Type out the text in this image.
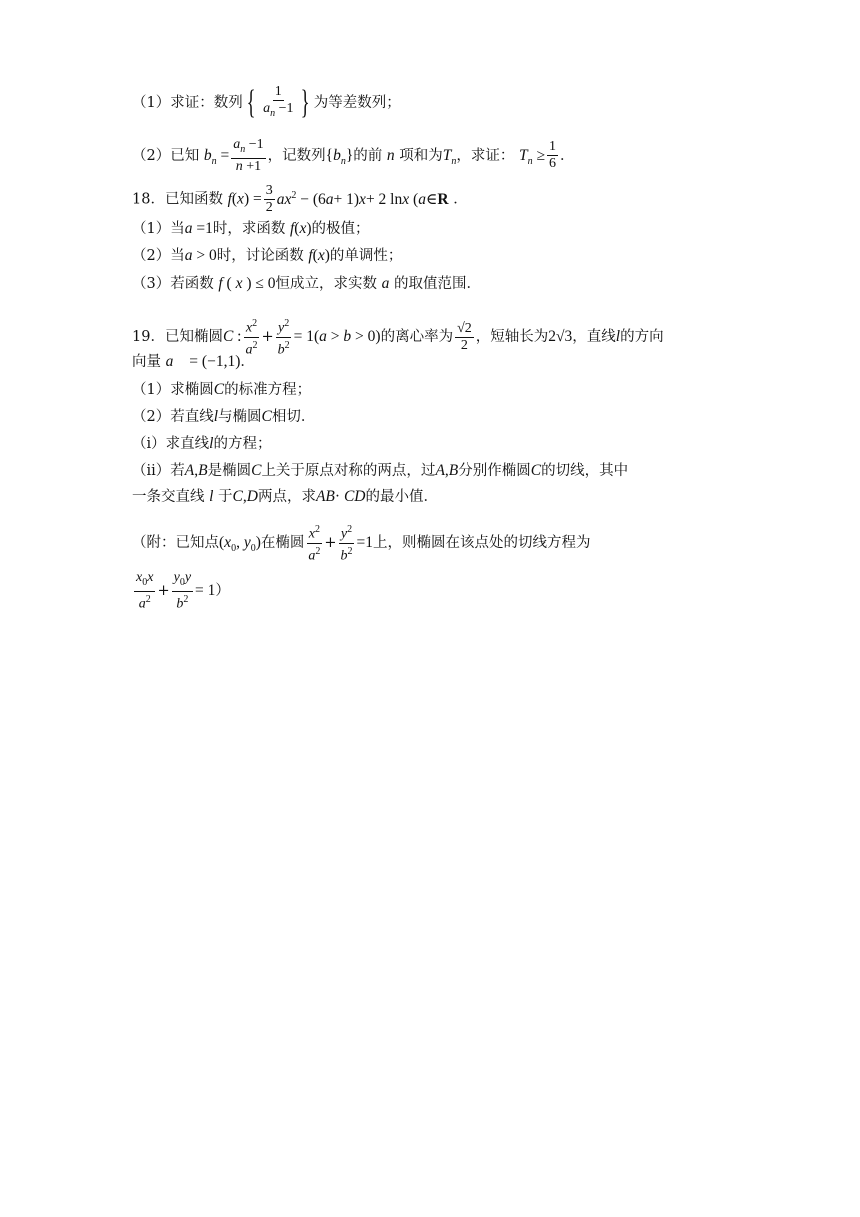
（1）求证：数列 { $\frac{1}{a_n -1}$ } 为等差数列；
（2）已知 $b_n = \frac{a_n -1}{n +1}$ ，记数列$\{b_n\}$的前 n 项和为$T_n$，求证： $T_n \ge \frac{1}{6}$ ．
18．已知函数 $f(x) = \frac{3}{2} ax^2 - (6a+ 1)x+ 2$ lnx (a∈R ．
（1）当a =1时，求函数 f(x)的极值；
（2）当a > 0时，讨论函数 f(x)的单调性；
（3）若函数 f ( x ) ≤ 0恒成立，求实数 a 的取值范围．
19．已知椭圆C : $\frac{x^2}{a^2} + \frac{y^2}{b^2} = 1(a > b > 0)$的离心率为 $\frac{√2}{2}$ ，短轴长为2√3，直线l的方向
向量 a⃗ = (−1,1)．
（1）求椭圆C的标准方程；
（2）若直线l与椭圆C相切．
（i）求直线l的方程；
（ii）若A,B是椭圆C上关于原点对称的两点，过A,B分别作椭圆C的切线，其中
一条交直线 l 于C,D两点，求AB· CD的最小值．
（附：已知点($x_0$, $y_0$)在椭圆 $\frac{x^2}{a^2} + \frac{y^2}{b^2} =1$上，则椭圆在该点处的切线方程为
$\frac{x_0x}{a^2} + \frac{y_0y}{b^2} = 1$）
